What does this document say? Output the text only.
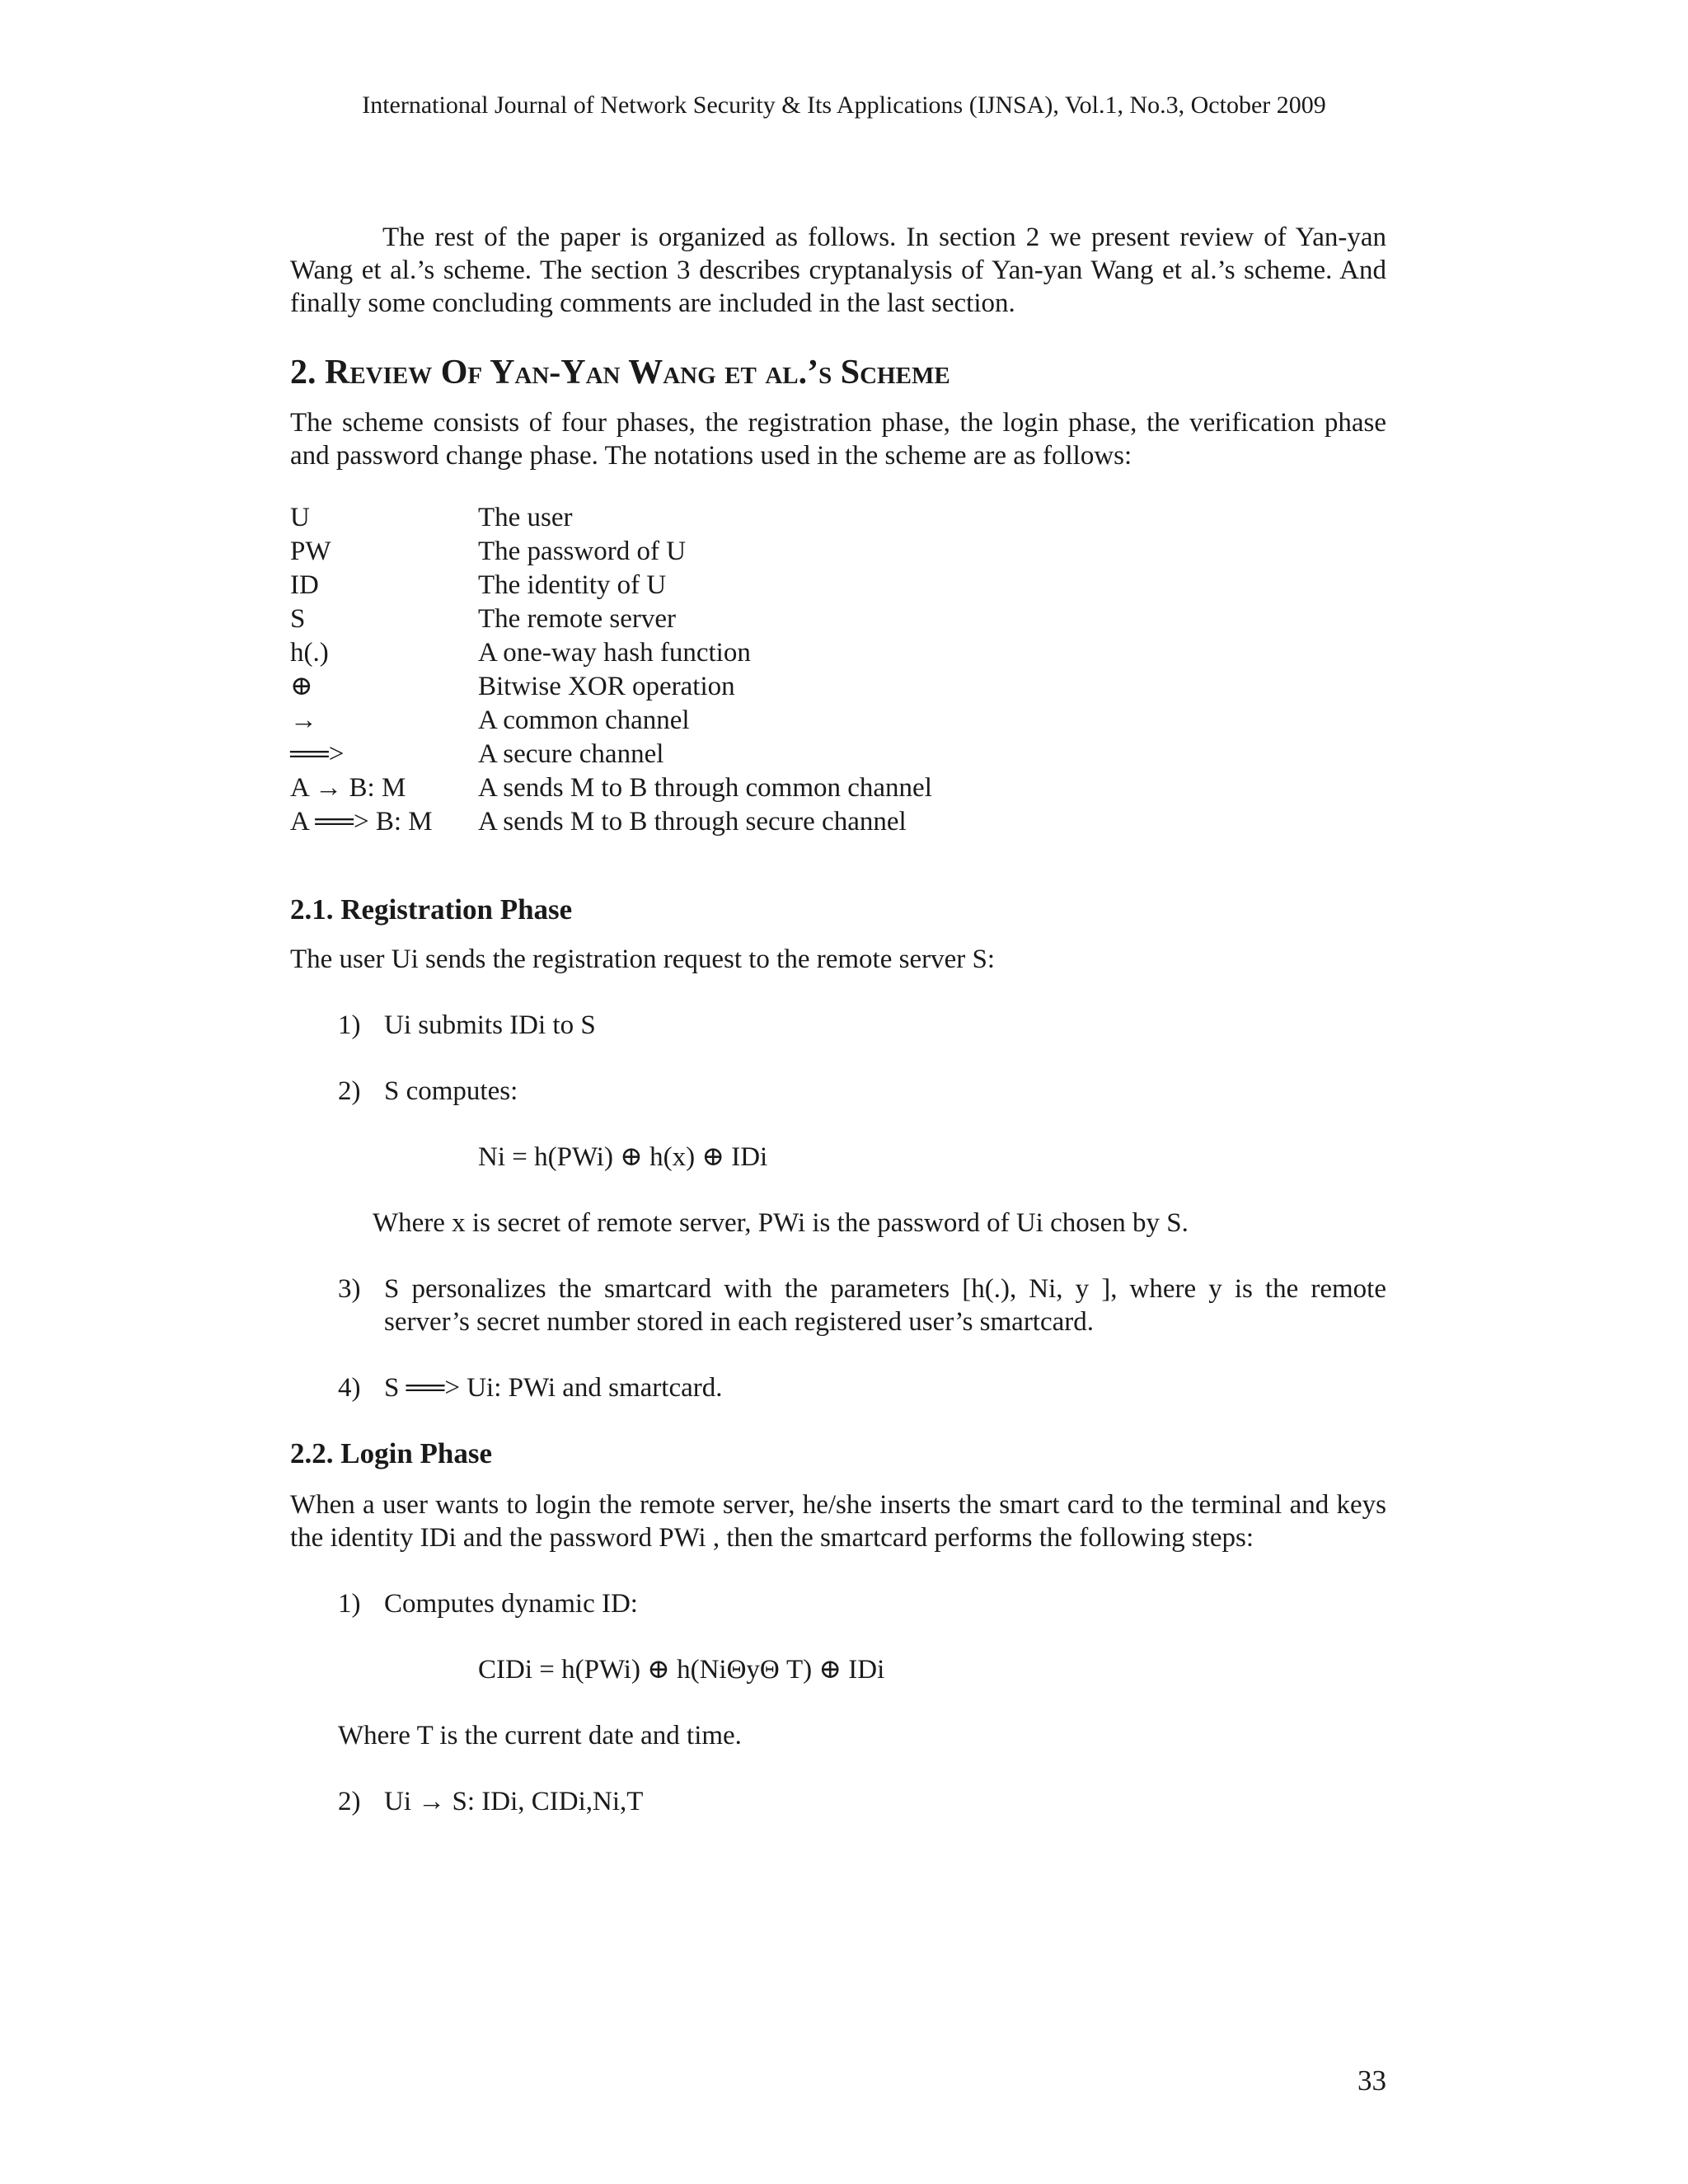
International Journal of Network Security & Its Applications (IJNSA), Vol.1, No.3, October 2009

The rest of the paper is organized as follows. In section 2 we present review of Yan-yan Wang et al.’s scheme. The section 3 describes cryptanalysis of Yan-yan Wang et al.’s scheme. And finally some concluding comments are included in the last section.

2. Review Of Yan-Yan Wang et al.’s Scheme

The scheme consists of four phases, the registration phase, the login phase, the verification phase and password change phase. The notations used in the scheme are as follows:

U	The user
PW	The password of U
ID	The identity of U
S	The remote server
h(.)	A one-way hash function
⊕	Bitwise XOR operation
→	A common channel
══>	A secure channel
A → B: M	A sends M to B through common channel
A ══> B: M	A sends M to B through secure channel
2.1. Registration Phase

The user Ui sends the registration request to the remote server S:

1) Ui submits IDi to S
2) S computes:
Ni = h(PWi) ⊕ h(x) ⊕ IDi
Where x is secret of remote server, PWi is the password of Ui chosen by S.
3) S personalizes the smartcard with the parameters [h(.), Ni, y ], where y is the remote server’s secret number stored in each registered user’s smartcard.
4) S ══> Ui: PWi and smartcard.
2.2. Login Phase

When a user wants to login the remote server, he/she inserts the smart card to the terminal and keys the identity IDi and the password PWi , then the smartcard performs the following steps:

1) Computes dynamic ID:
CIDi = h(PWi) ⊕ h(NiΘyΘ T) ⊕ IDi
Where T is the current date and time.
2) Ui → S: IDi, CIDi,Ni,T
33
